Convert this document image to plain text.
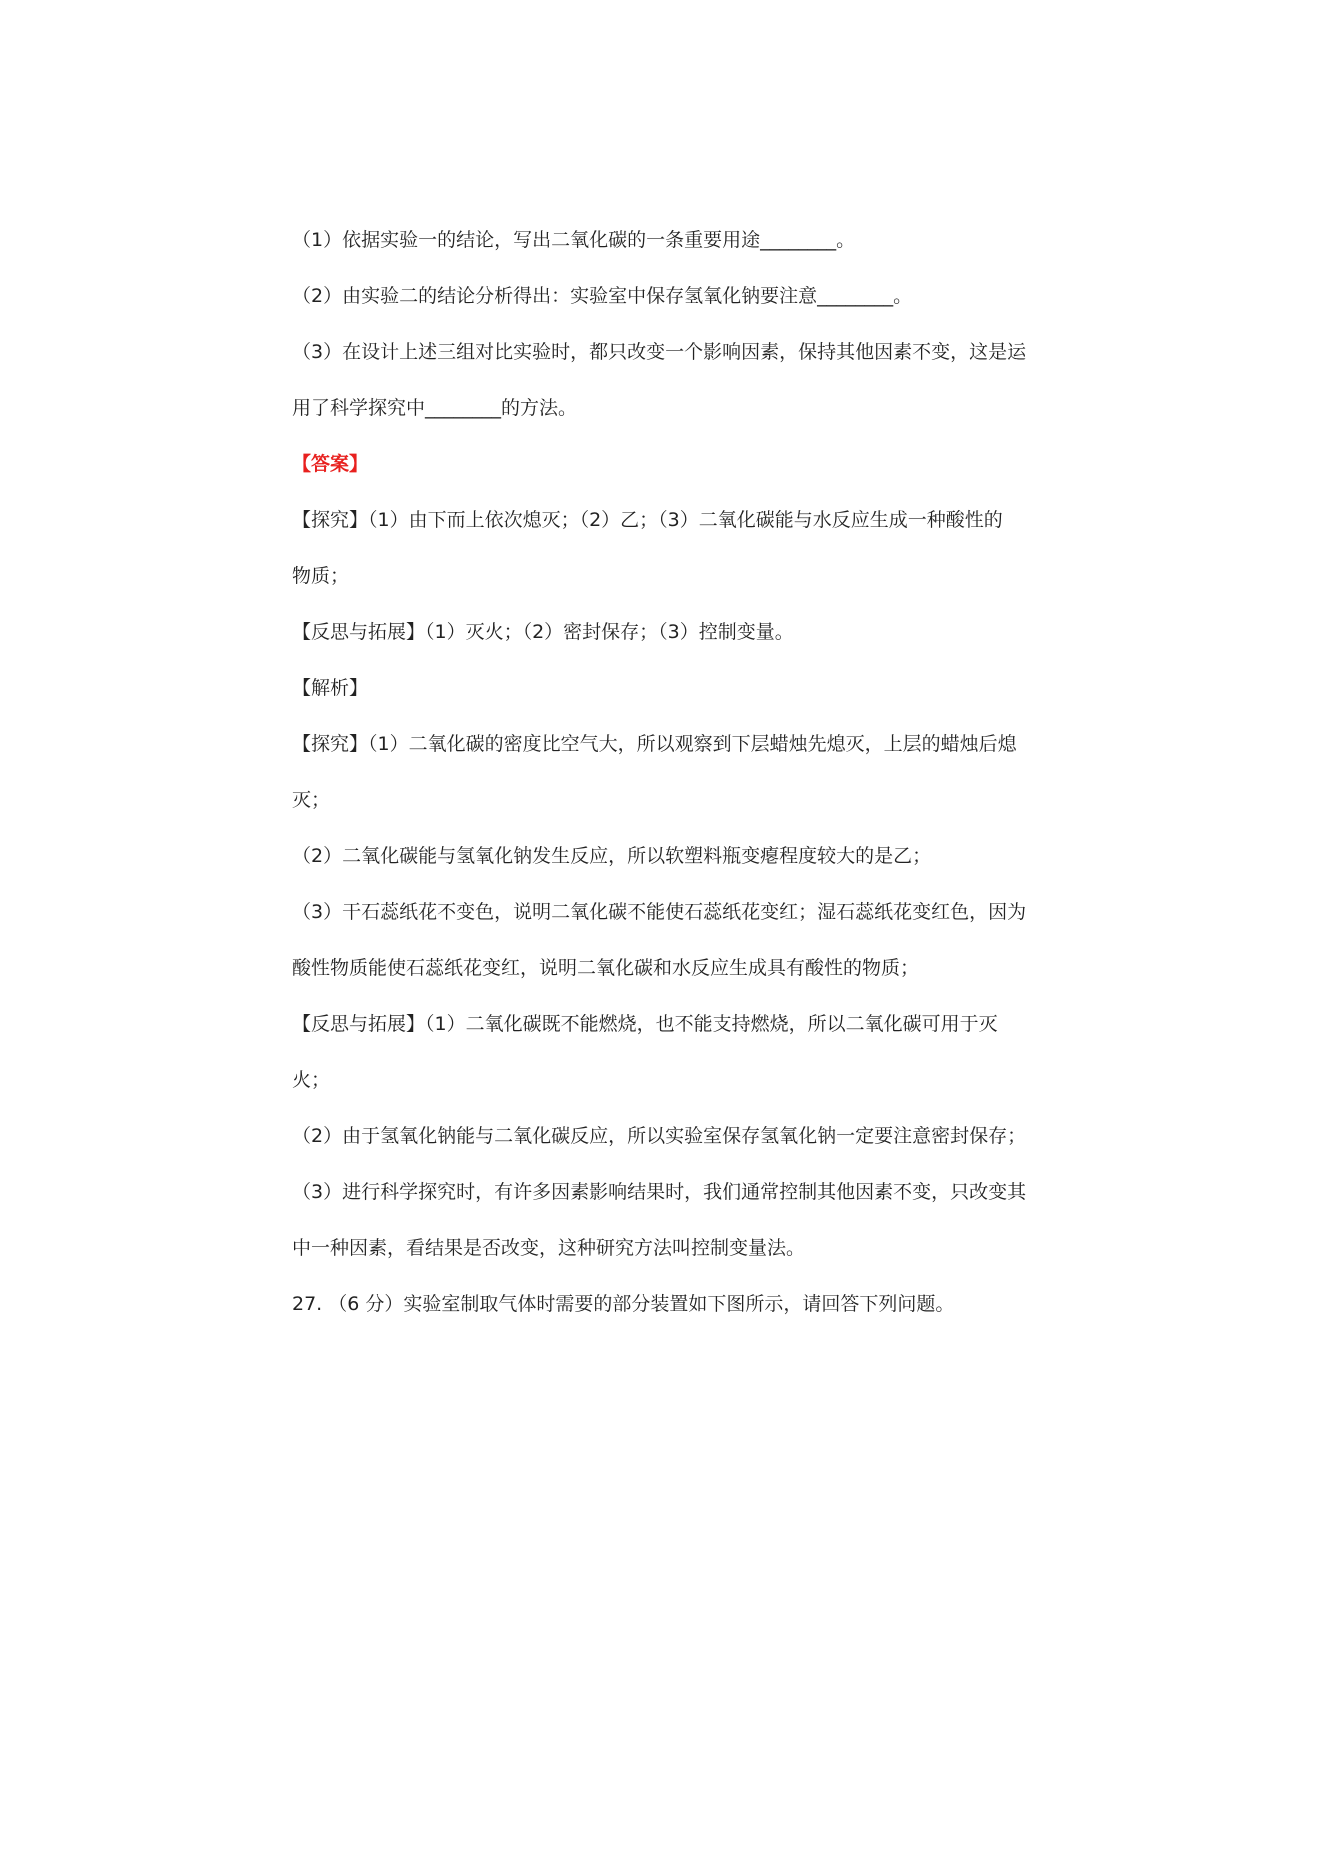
（1）依据实验一的结论，写出二氧化碳的一条重要用途________。
（2）由实验二的结论分析得出：实验室中保存氢氧化钠要注意________。
（3）在设计上述三组对比实验时，都只改变一个影响因素，保持其他因素不变，这是运
用了科学探究中________的方法。
【答案】
【探究】（1）由下而上依次熄灭；（2）乙；（3）二氧化碳能与水反应生成一种酸性的
物质；
【反思与拓展】（1）灭火；（2）密封保存；（3）控制变量。
【解析】
【探究】（1）二氧化碳的密度比空气大，所以观察到下层蜡烛先熄灭，上层的蜡烛后熄
灭；
（2）二氧化碳能与氢氧化钠发生反应，所以软塑料瓶变瘪程度较大的是乙；
（3）干石蕊纸花不变色，说明二氧化碳不能使石蕊纸花变红；湿石蕊纸花变红色，因为
酸性物质能使石蕊纸花变红，说明二氧化碳和水反应生成具有酸性的物质；
【反思与拓展】（1）二氧化碳既不能燃烧，也不能支持燃烧，所以二氧化碳可用于灭
火；
（2）由于氢氧化钠能与二氧化碳反应，所以实验室保存氢氧化钠一定要注意密封保存；
（3）进行科学探究时，有许多因素影响结果时，我们通常控制其他因素不变，只改变其
中一种因素，看结果是否改变，这种研究方法叫控制变量法。
27. （6 分）实验室制取气体时需要的部分装置如下图所示，请回答下列问题。
